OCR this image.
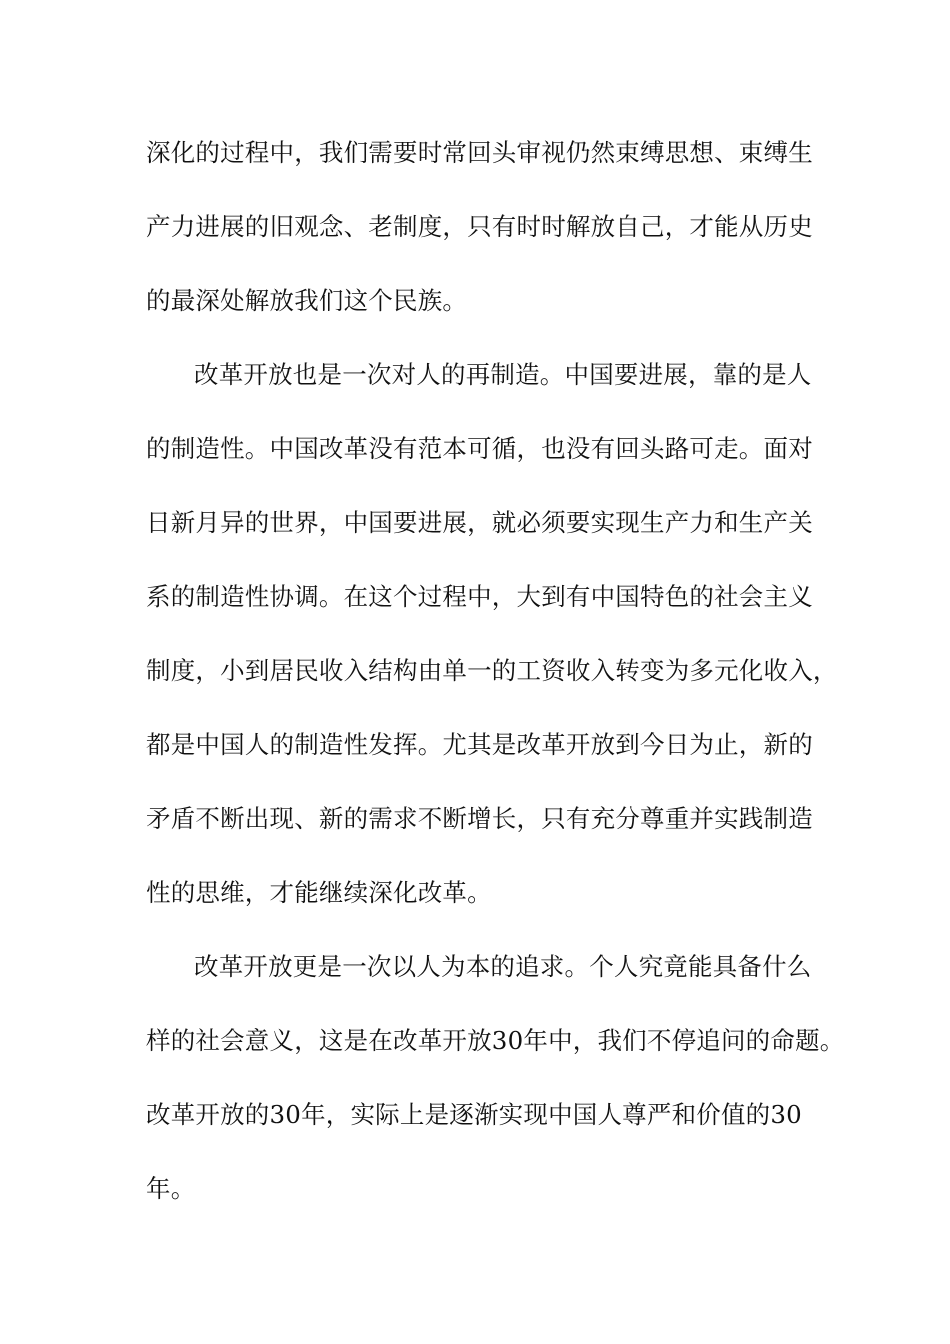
深化的过程中，我们需要时常回头审视仍然束缚思想、束缚生
产力进展的旧观念、老制度，只有时时解放自己，才能从历史
的最深处解放我们这个民族。
改革开放也是一次对人的再制造。中国要进展，靠的是人
的制造性。中国改革没有范本可循，也没有回头路可走。面对
日新月异的世界，中国要进展，就必须要实现生产力和生产关
系的制造性协调。在这个过程中，大到有中国特色的社会主义
制度，小到居民收入结构由单一的工资收入转变为多元化收入，
都是中国人的制造性发挥。尤其是改革开放到今日为止，新的
矛盾不断出现、新的需求不断增长，只有充分尊重并实践制造
性的思维，才能继续深化改革。
改革开放更是一次以人为本的追求。个人究竟能具备什么
样的社会意义，这是在改革开放30年中，我们不停追问的命题。
改革开放的30年，实际上是逐渐实现中国人尊严和价值的30
年。
